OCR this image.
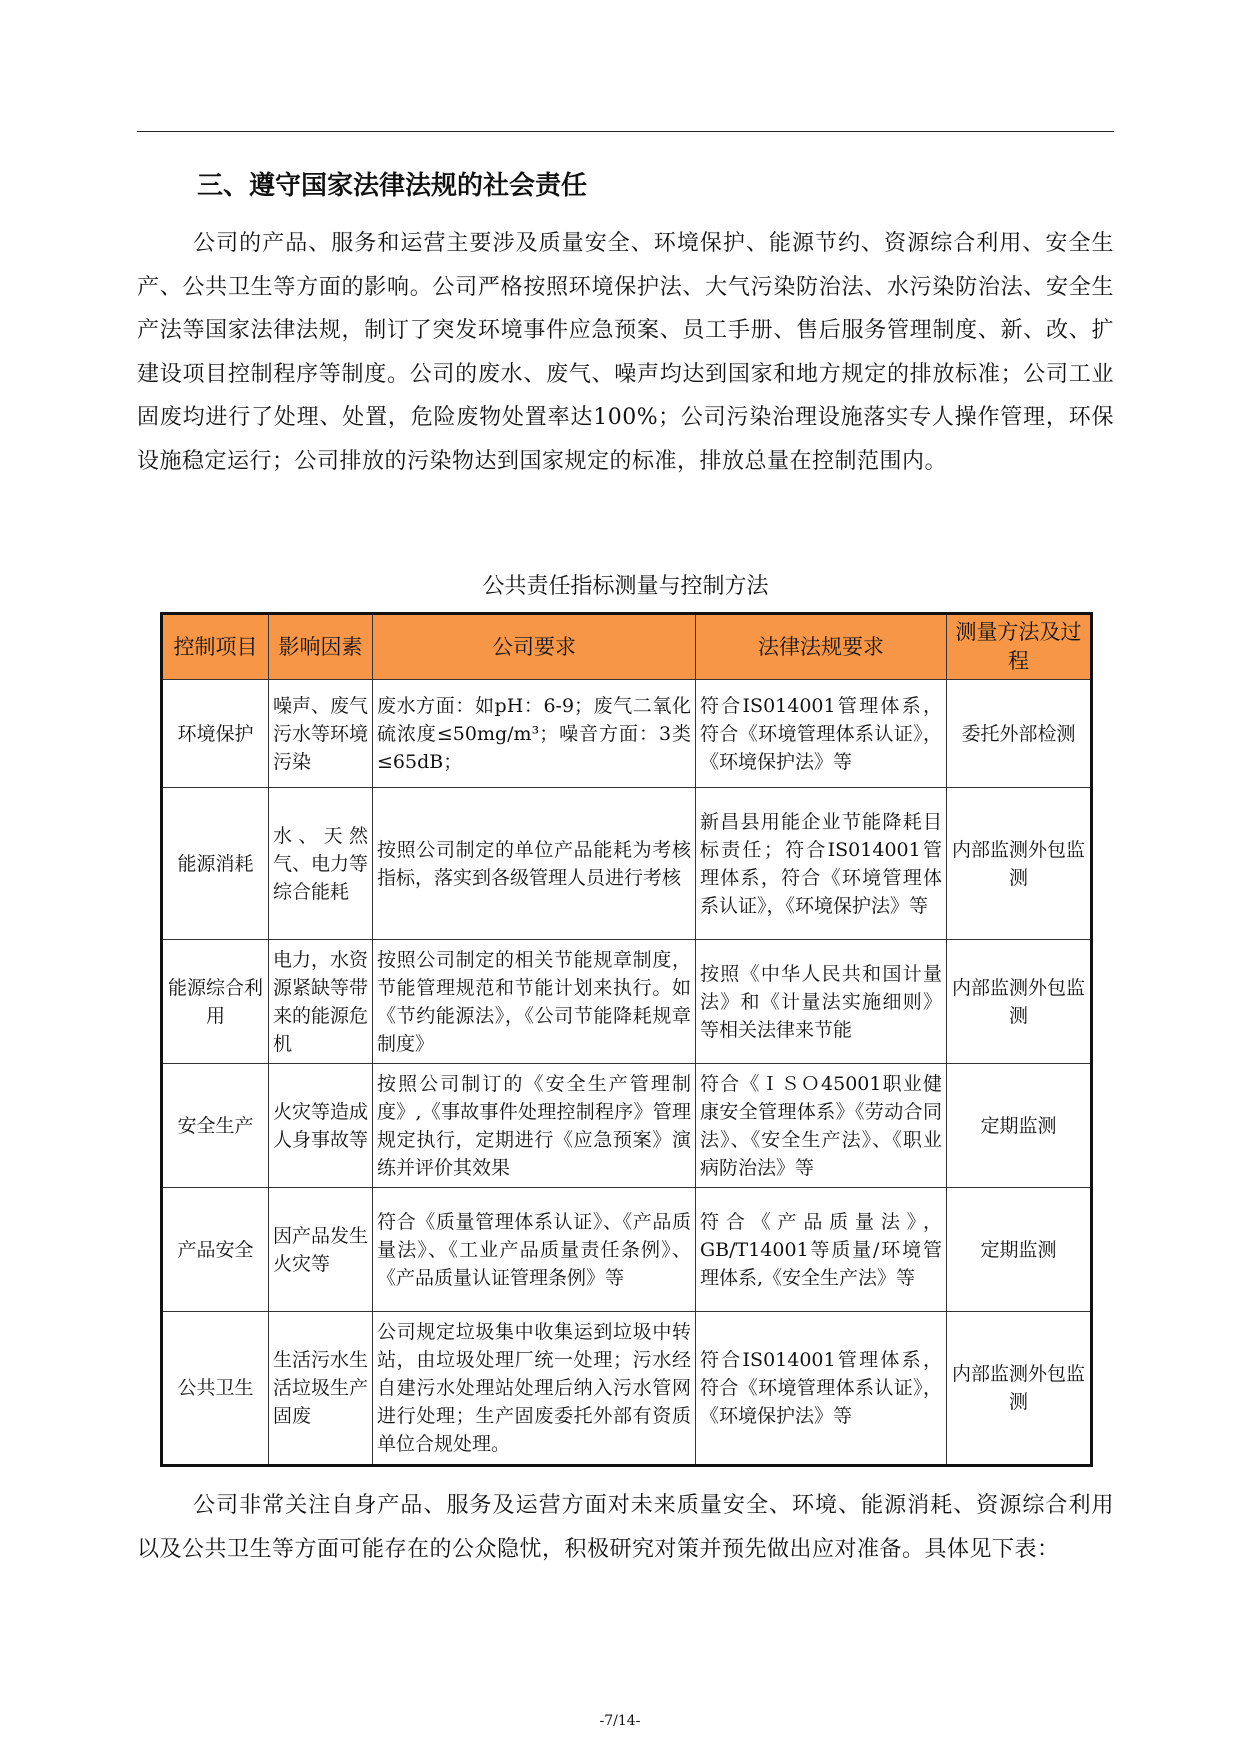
三、遵守国家法律法规的社会责任

公司的产品、服务和运营主要涉及质量安全、环境保护、能源节约、资源综合利用、安全生产、公共卫生等方面的影响。公司严格按照环境保护法、大气污染防治法、水污染防治法、安全生产法等国家法律法规，制订了突发环境事件应急预案、员工手册、售后服务管理制度、新、改、扩建设项目控制程序等制度。公司的废水、废气、噪声均达到国家和地方规定的排放标准；公司工业固废均进行了处理、处置，危险废物处置率达100%；公司污染治理设施落实专人操作管理，环保设施稳定运行；公司排放的污染物达到国家规定的标准，排放总量在控制范围内。

公共责任指标测量与控制方法

控制项目	影响因素	公司要求	法律法规要求	测量方法及过程
环境保护	噪声、废气污水等环境污染	废水方面：如pH：6-9；废气二氧化硫浓度≤50mg/m³；噪音方面：3类≤65dB；	符合IS014001管理体系，符合《环境管理体系认证》，《环境保护法》等	委托外部检测
能源消耗	水、天然气、电力等综合能耗	按照公司制定的单位产品能耗为考核指标，落实到各级管理人员进行考核	新昌县用能企业节能降耗目标责任；符合IS014001管理体系，符合《环境管理体系认证》，《环境保护法》等	内部监测外包监测
能源综合利用	电力，水资源紧缺等带来的能源危机	按照公司制定的相关节能规章制度，节能管理规范和节能计划来执行。如《节约能源法》，《公司节能降耗规章制度》	按照《中华人民共和国计量法》和《计量法实施细则》等相关法律来节能	内部监测外包监测
安全生产	火灾等造成人身事故等	按照公司制订的《安全生产管理制度》,《事故事件处理控制程序》管理规定执行，定期进行《应急预案》演练并评价其效果	符合《ＩＳＯ45001职业健康安全管理体系》《劳动合同法》、《安全生产法》、《职业病防治法》等	定期监测
产品安全	因产品发生火灾等	符合《质量管理体系认证》、《产品质量法》、《工业产品质量责任条例》、《产品质量认证管理条例》等	符合《产品质量法》，GB/T14001等质量/环境管理体系,《安全生产法》等	定期监测
公共卫生	生活污水生活垃圾生产固废	公司规定垃圾集中收集运到垃圾中转站，由垃圾处理厂统一处理；污水经自建污水处理站处理后纳入污水管网进行处理；生产固废委托外部有资质单位合规处理。	符合IS014001管理体系，符合《环境管理体系认证》，《环境保护法》等	内部监测外包监测

公司非常关注自身产品、服务及运营方面对未来质量安全、环境、能源消耗、资源综合利用以及公共卫生等方面可能存在的公众隐忧，积极研究对策并预先做出应对准备。具体见下表：

-7/14-
